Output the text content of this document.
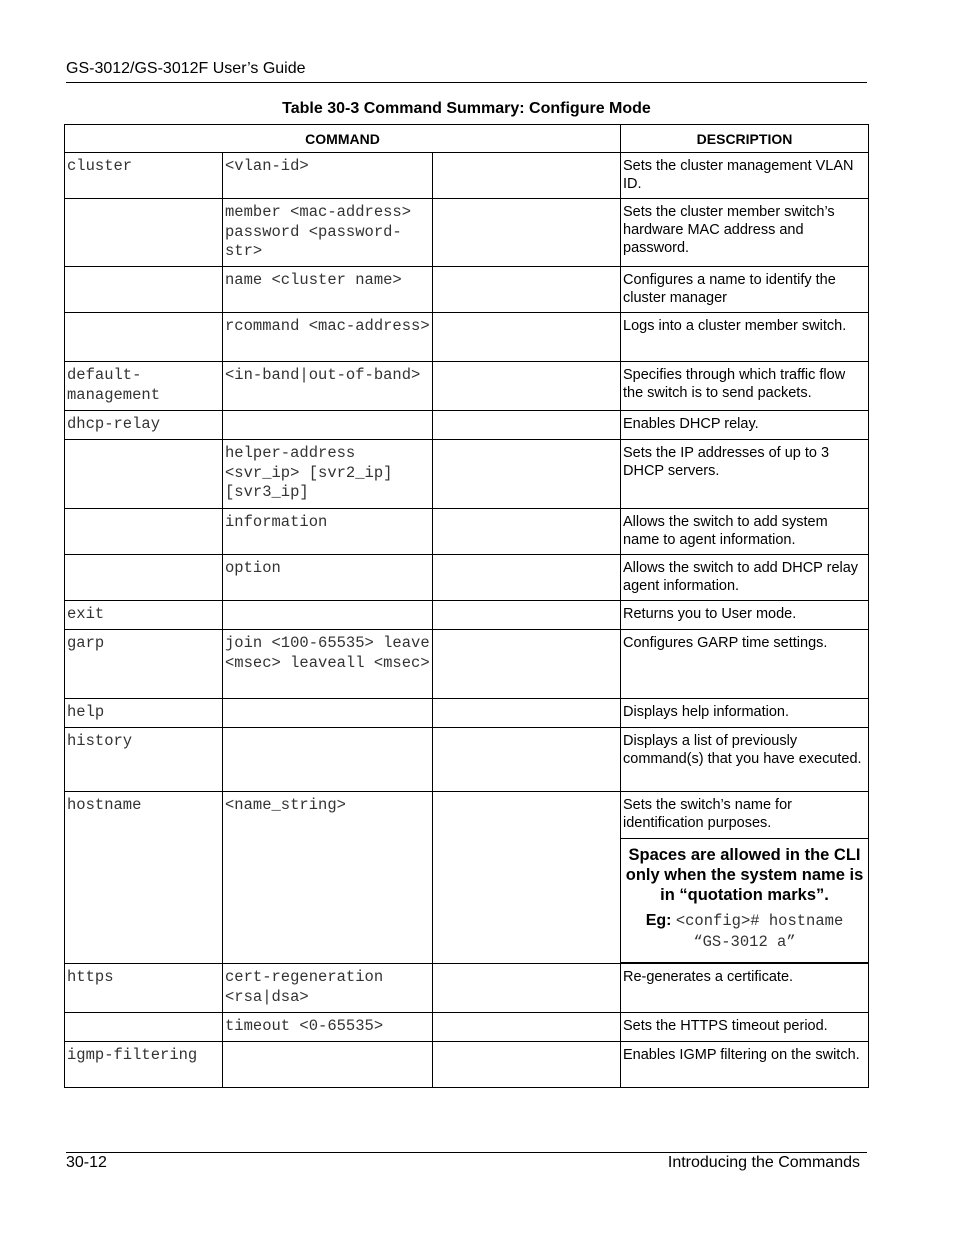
GS-3012/GS-3012F User’s Guide
Table 30-3 Command Summary: Configure Mode
COMMAND			DESCRIPTION

cluster	<vlan-id>		Sets the cluster management VLAN ID.

	member <mac-address> password <password-str>		Sets the cluster member switch’s hardware MAC address and password.

	name <cluster name>		Configures a name to identify the cluster manager

	rcommand <mac-address>		Logs into a cluster member switch.

default-management	<in-band|out-of-band>		Specifies through which traffic flow the switch is to send packets.

dhcp-relay			Enables DHCP relay.

	helper-address <svr_ip> [svr2_ip] [svr3_ip]		Sets the IP addresses of up to 3 DHCP servers.

	information		Allows the switch to add system name to agent information.

	option		Allows the switch to add DHCP relay agent information.

exit			Returns you to User mode.

garp	join <100-65535> leave <msec> leaveall <msec>		Configures GARP time settings.

help			Displays help information.

history			Displays a list of previously command(s) that you have executed.

hostname	<name_string>		Sets the switch’s name for identification purposes.
Spaces are allowed in the CLI only when the system name is in “quotation marks”.
Eg: <config># hostname “GS-3012 a”

https	cert-regeneration <rsa|dsa>		Re-generates a certificate.

	timeout <0-65535>		Sets the HTTPS timeout period.

igmp-filtering			Enables IGMP filtering on the switch.
30-12	Introducing the Commands
